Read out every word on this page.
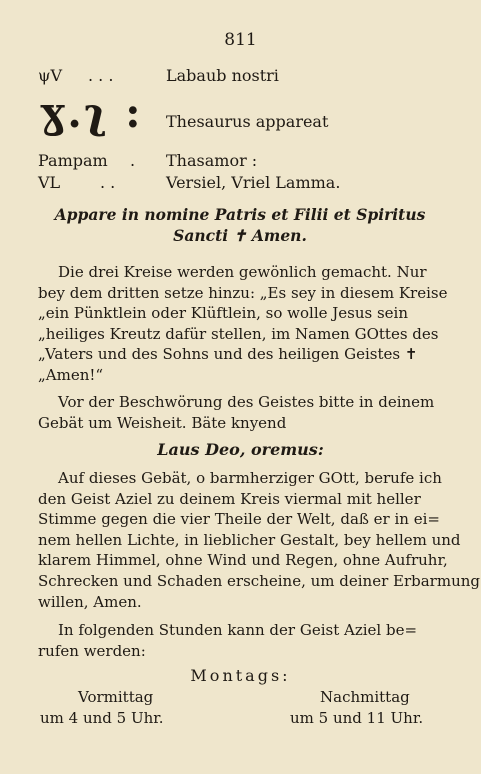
811
ψV . . .	Labaub nostri
ɣ.ʅ : Thesaurus appareat
Pampam . Thasamor :
VL . .	Versiel, Vriel Lamma.
Appare in nomine Patris et Filii et Spiritus
Sancti ✝ Amen.
Die drei Kreise werden gewönlich gemacht. Nur
bey dem dritten setze hinzu: „Es sey in diesem Kreise
„ein Pünktlein oder Klüftlein, so wolle Jesus sein
„heiliges Kreutz dafür stellen, im Namen GOttes des
„Vaters und des Sohns und des heiligen Geistes ✝
„Amen!“
Vor der Beschwörung des Geistes bitte in deinem
Gebät um Weisheit. Bäte knyend
Laus Deo, oremus:
Auf dieses Gebät, o barmherziger GOtt, berufe ich
den Geist Aziel zu deinem Kreis viermal mit heller
Stimme gegen die vier Theile der Welt, daß er in ei=
nem hellen Lichte, in lieblicher Gestalt, bey hellem und
klarem Himmel, ohne Wind und Regen, ohne Aufruhr,
Schrecken und Schaden erscheine, um deiner Erbarmung
willen, Amen.
In folgenden Stunden kann der Geist Aziel be=
rufen werden:
Montags:
Vormittag	Nachmittag
um 4 und 5 Uhr.	um 5 und 11 Uhr.
